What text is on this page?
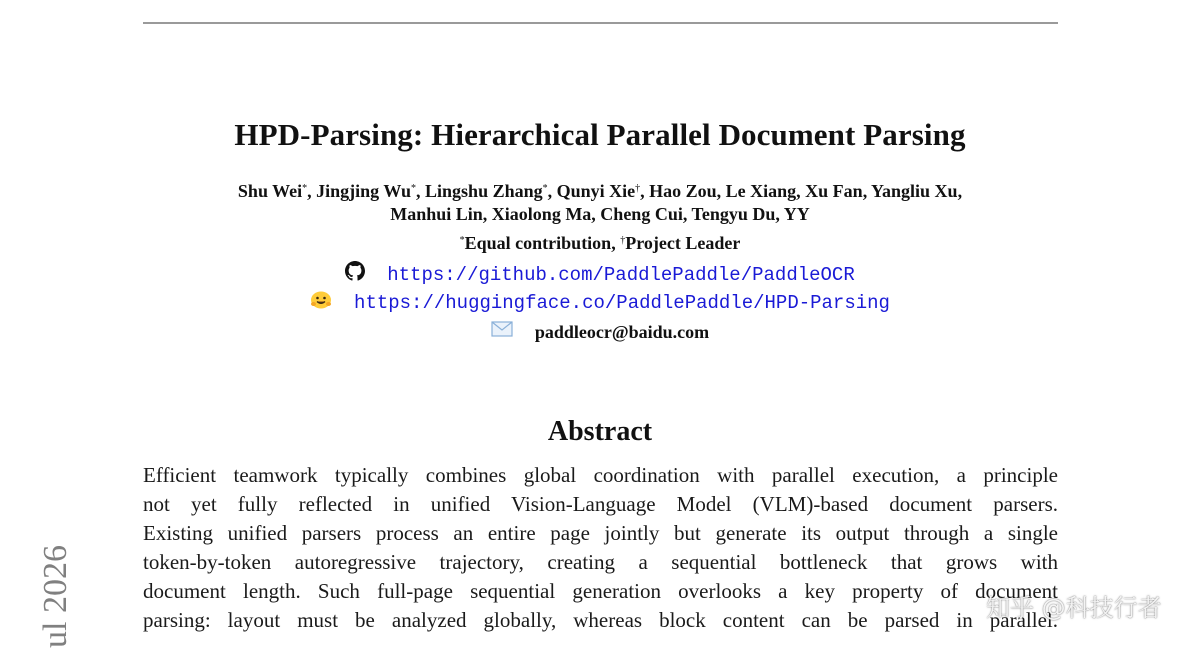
HPD-Parsing: Hierarchical Parallel Document Parsing
Shu Wei*, Jingjing Wu*, Lingshu Zhang*, Qunyi Xie†, Hao Zou, Le Xiang, Xu Fan, Yangliu Xu,
Manhui Lin, Xiaolong Ma, Cheng Cui, Tengyu Du, YY
*Equal contribution, †Project Leader
https://github.com/PaddlePaddle/PaddleOCR
https://huggingface.co/PaddlePaddle/HPD-Parsing
paddleocr@baidu.com
Abstract
Efficient teamwork typically combines global coordination with parallel execution, a principle
not yet fully reflected in unified Vision-Language Model (VLM)-based document parsers.
Existing unified parsers process an entire page jointly but generate its output through a single
token-by-token autoregressive trajectory, creating a sequential bottleneck that grows with
document length. Such full-page sequential generation overlooks a key property of document
parsing: layout must be analyzed globally, whereas block content can be parsed in parallel.
ul 2026	知乎 @科技行者
